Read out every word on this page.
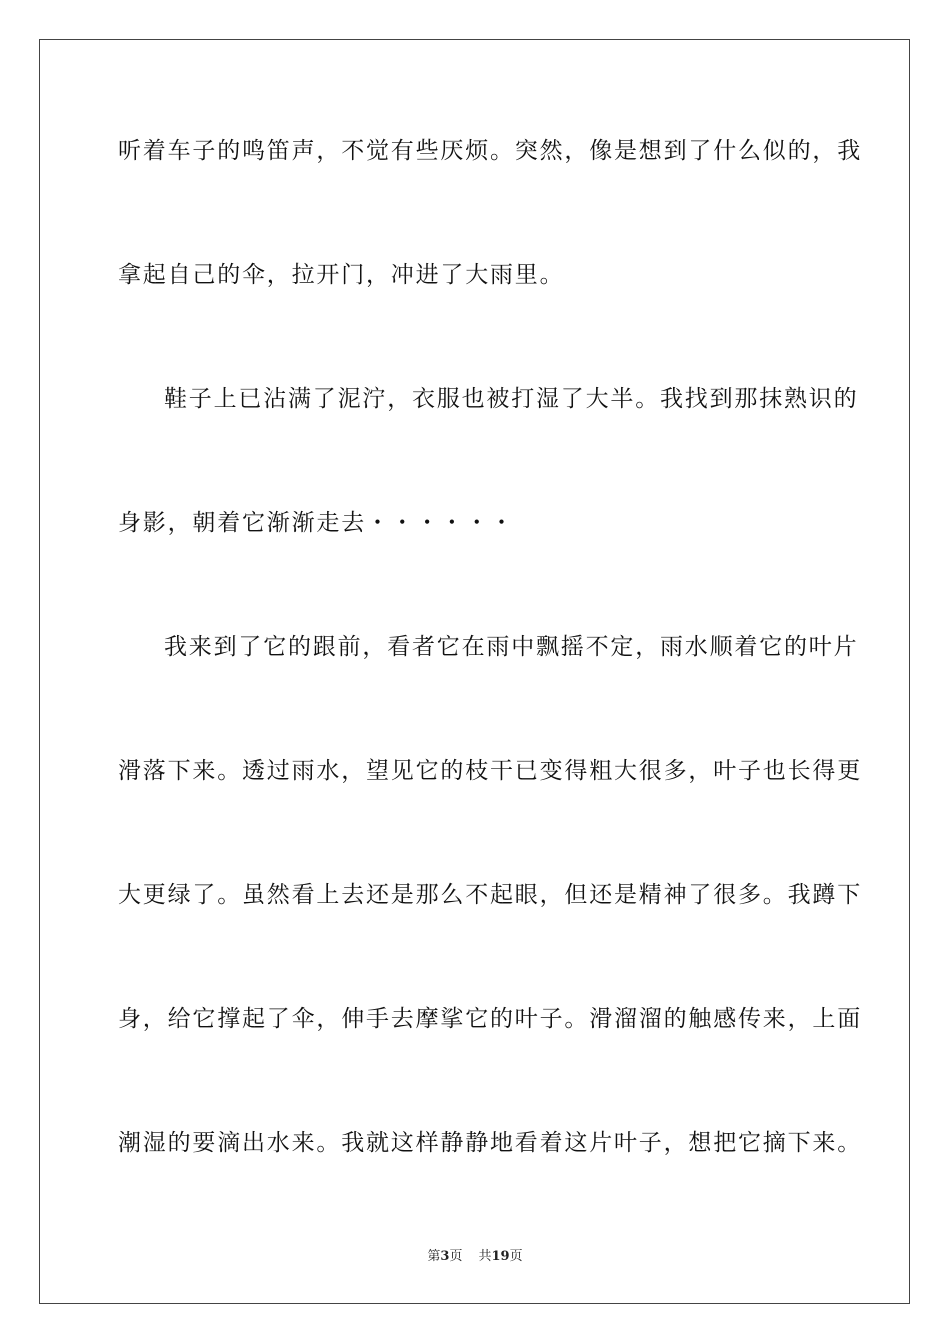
听着车子的鸣笛声，不觉有些厌烦。突然，像是想到了什么似的，我
拿起自己的伞，拉开门，冲进了大雨里。
鞋子上已沾满了泥泞，衣服也被打湿了大半。我找到那抹熟识的
身影，朝着它渐渐走去・・・・・・
我来到了它的跟前，看者它在雨中飘摇不定，雨水顺着它的叶片
滑落下来。透过雨水，望见它的枝干已变得粗大很多，叶子也长得更
大更绿了。虽然看上去还是那么不起眼，但还是精神了很多。我蹲下
身，给它撑起了伞，伸手去摩挲它的叶子。滑溜溜的触感传来，上面
潮湿的要滴出水来。我就这样静静地看着这片叶子，想把它摘下来。
第3页 共19页
